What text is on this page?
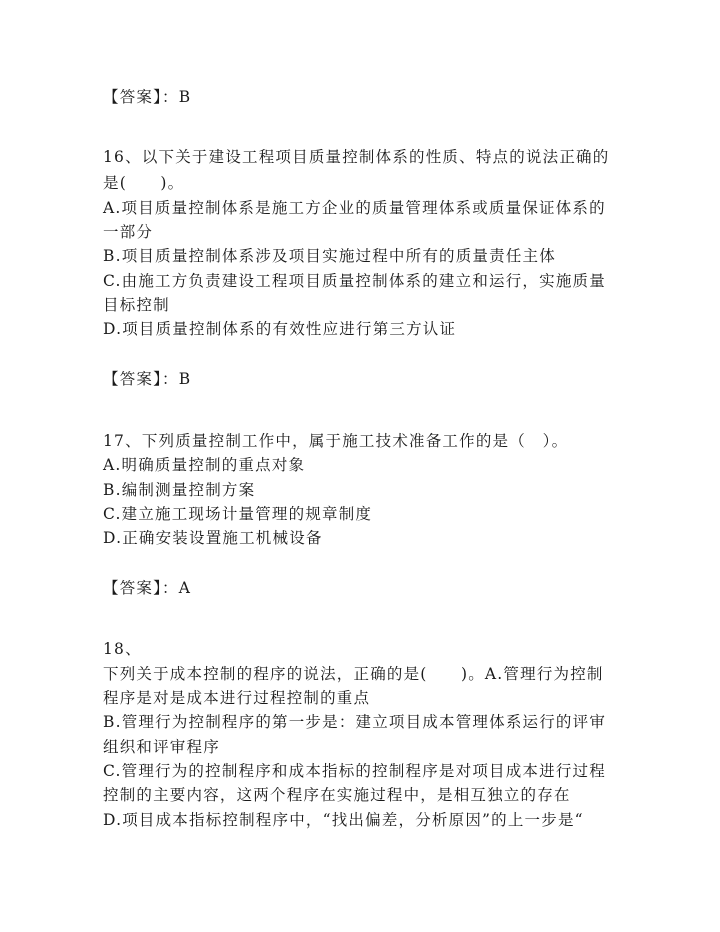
【答案】：B
16、以下关于建设工程项目质量控制体系的性质、特点的说法正确的
是(　　)。
A.项目质量控制体系是施工方企业的质量管理体系或质量保证体系的
一部分
B.项目质量控制体系涉及项目实施过程中所有的质量责任主体
C.由施工方负责建设工程项目质量控制体系的建立和运行，实施质量
目标控制
D.项目质量控制体系的有效性应进行第三方认证
【答案】：B
17、下列质量控制工作中，属于施工技术准备工作的是（　）。
A.明确质量控制的重点对象
B.编制测量控制方案
C.建立施工现场计量管理的规章制度
D.正确安装设置施工机械设备
【答案】：A
18、
下列关于成本控制的程序的说法，正确的是(　　)。A.管理行为控制
程序是对是成本进行过程控制的重点
B.管理行为控制程序的第一步是：建立项目成本管理体系运行的评审
组织和评审程序
C.管理行为的控制程序和成本指标的控制程序是对项目成本进行过程
控制的主要内容，这两个程序在实施过程中，是相互独立的存在
D.项目成本指标控制程序中，“找出偏差，分析原因”的上一步是“
